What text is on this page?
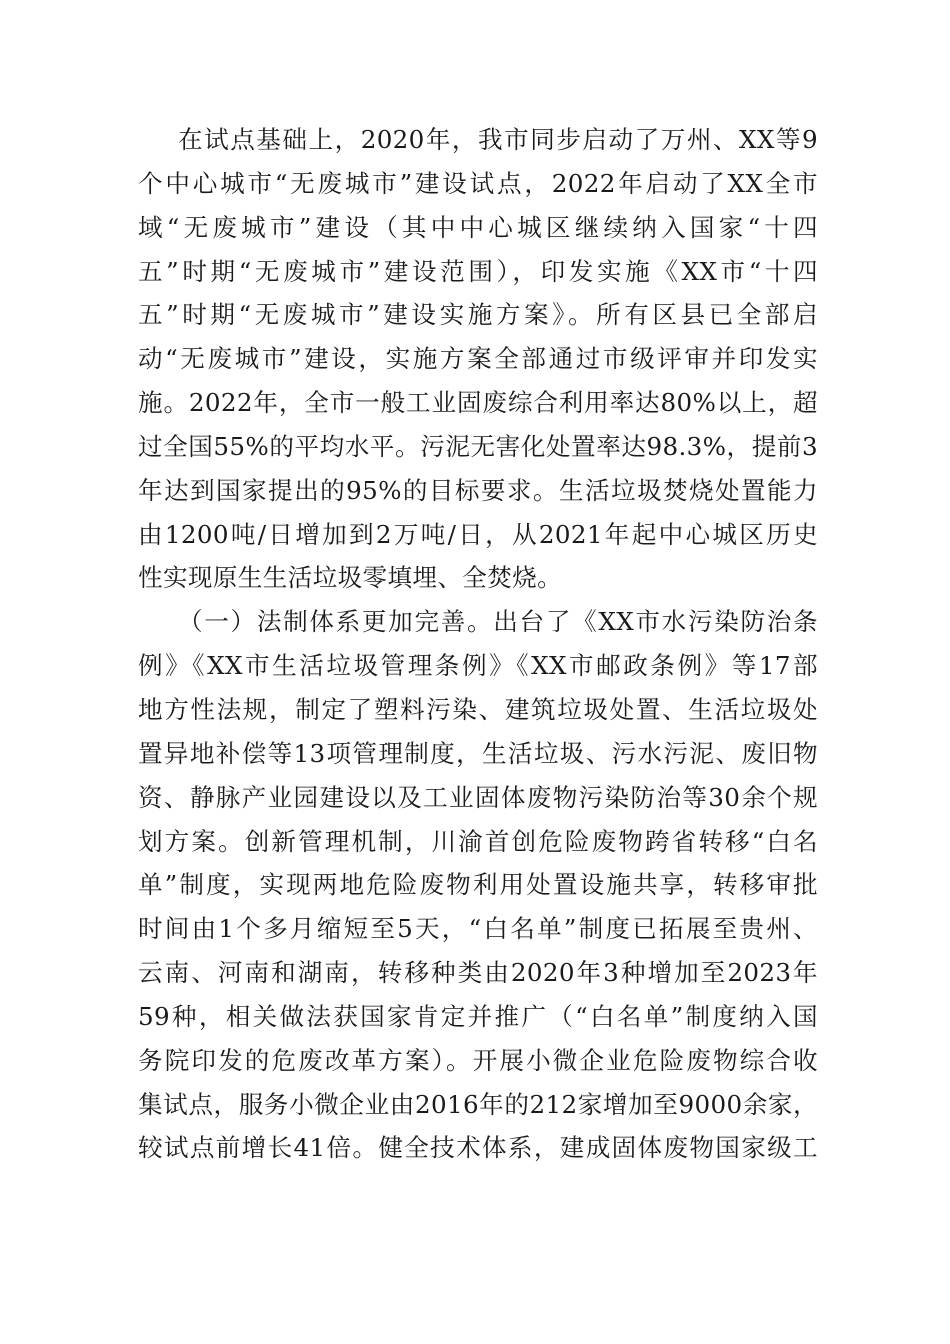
在试点基础上，2020年，我市同步启动了万州、XX等9
个中心城市“无废城市”建设试点，2022年启动了XX全市
域“无废城市”建设（其中中心城区继续纳入国家“十四
五”时期“无废城市”建设范围），印发实施《XX市“十四
五”时期“无废城市”建设实施方案》。所有区县已全部启
动“无废城市”建设，实施方案全部通过市级评审并印发实
施。2022年，全市一般工业固废综合利用率达80%以上，超
过全国55%的平均水平。污泥无害化处置率达98.3%，提前3
年达到国家提出的95%的目标要求。生活垃圾焚烧处置能力
由1200吨/日增加到2万吨/日，从2021年起中心城区历史
性实现原生生活垃圾零填埋、全焚烧。
（一）法制体系更加完善。出台了《XX市水污染防治条
例》《XX市生活垃圾管理条例》《XX市邮政条例》等17部
地方性法规，制定了塑料污染、建筑垃圾处置、生活垃圾处
置异地补偿等13项管理制度，生活垃圾、污水污泥、废旧物
资、静脉产业园建设以及工业固体废物污染防治等30余个规
划方案。创新管理机制，川渝首创危险废物跨省转移“白名
单”制度，实现两地危险废物利用处置设施共享，转移审批
时间由1个多月缩短至5天，“白名单”制度已拓展至贵州、
云南、河南和湖南，转移种类由2020年3种增加至2023年
59种，相关做法获国家肯定并推广（“白名单”制度纳入国
务院印发的危废改革方案）。开展小微企业危险废物综合收
集试点，服务小微企业由2016年的212家增加至9000余家，
较试点前增长41倍。健全技术体系，建成固体废物国家级工
